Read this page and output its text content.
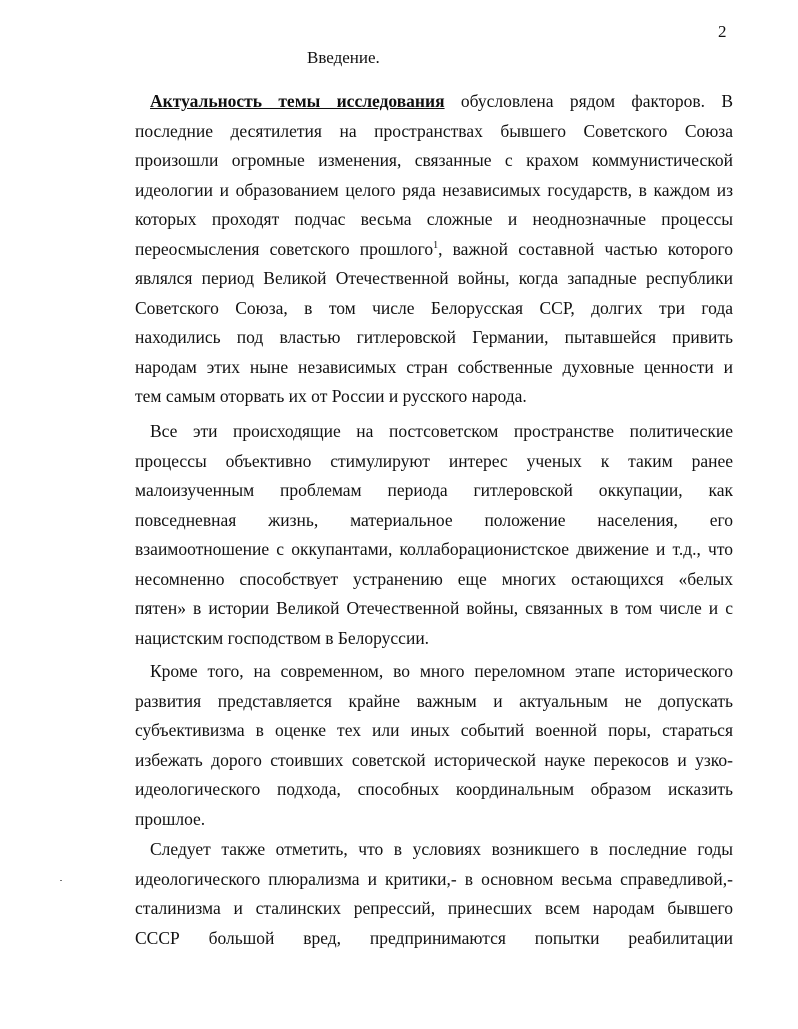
2
Введение.
Актуальность темы исследования обусловлена рядом факторов. В
последние десятилетия на пространствах бывшего Советского Союза
произошли огромные изменения, связанные с крахом коммунистической
идеологии и образованием целого ряда независимых государств, в каждом из
которых проходят подчас весьма сложные и неоднозначные процессы
переосмысления советского прошлого$^1$, важной составной частью которого
являлся период Великой Отечественной войны, когда западные республики
Советского Союза, в том числе Белорусская ССР, долгих три года
находились под властью гитлеровской Германии, пытавшейся привить
народам этих ныне независимых стран собственные духовные ценности и
тем самым оторвать их от России и русского народа.
Все эти происходящие на постсоветском пространстве политические
процессы объективно стимулируют интерес ученых к таким ранее
малоизученным проблемам периода гитлеровской оккупации, как
повседневная жизнь, материальное положение населения, его
взаимоотношение с оккупантами, коллаборационистское движение и т.д., что
несомненно способствует устранению еще многих остающихся «белых
пятен» в истории Великой Отечественной войны, связанных в том числе и с
нацистским господством в Белоруссии.
Кроме того, на современном, во много переломном этапе исторического
развития представляется крайне важным и актуальным не допускать
субъективизма в оценке тех или иных событий военной поры, стараться
избежать дорого стоивших советской исторической науке перекосов и узко-
идеологического подхода, способных координальным образом исказить
прошлое.
Следует также отметить, что в условиях возникшего в последние годы
идеологического плюрализма и критики,- в основном весьма справедливой,-
сталинизма и сталинских репрессий, принесших всем народам бывшего
СССР большой вред, предпринимаются попытки реабилитации
